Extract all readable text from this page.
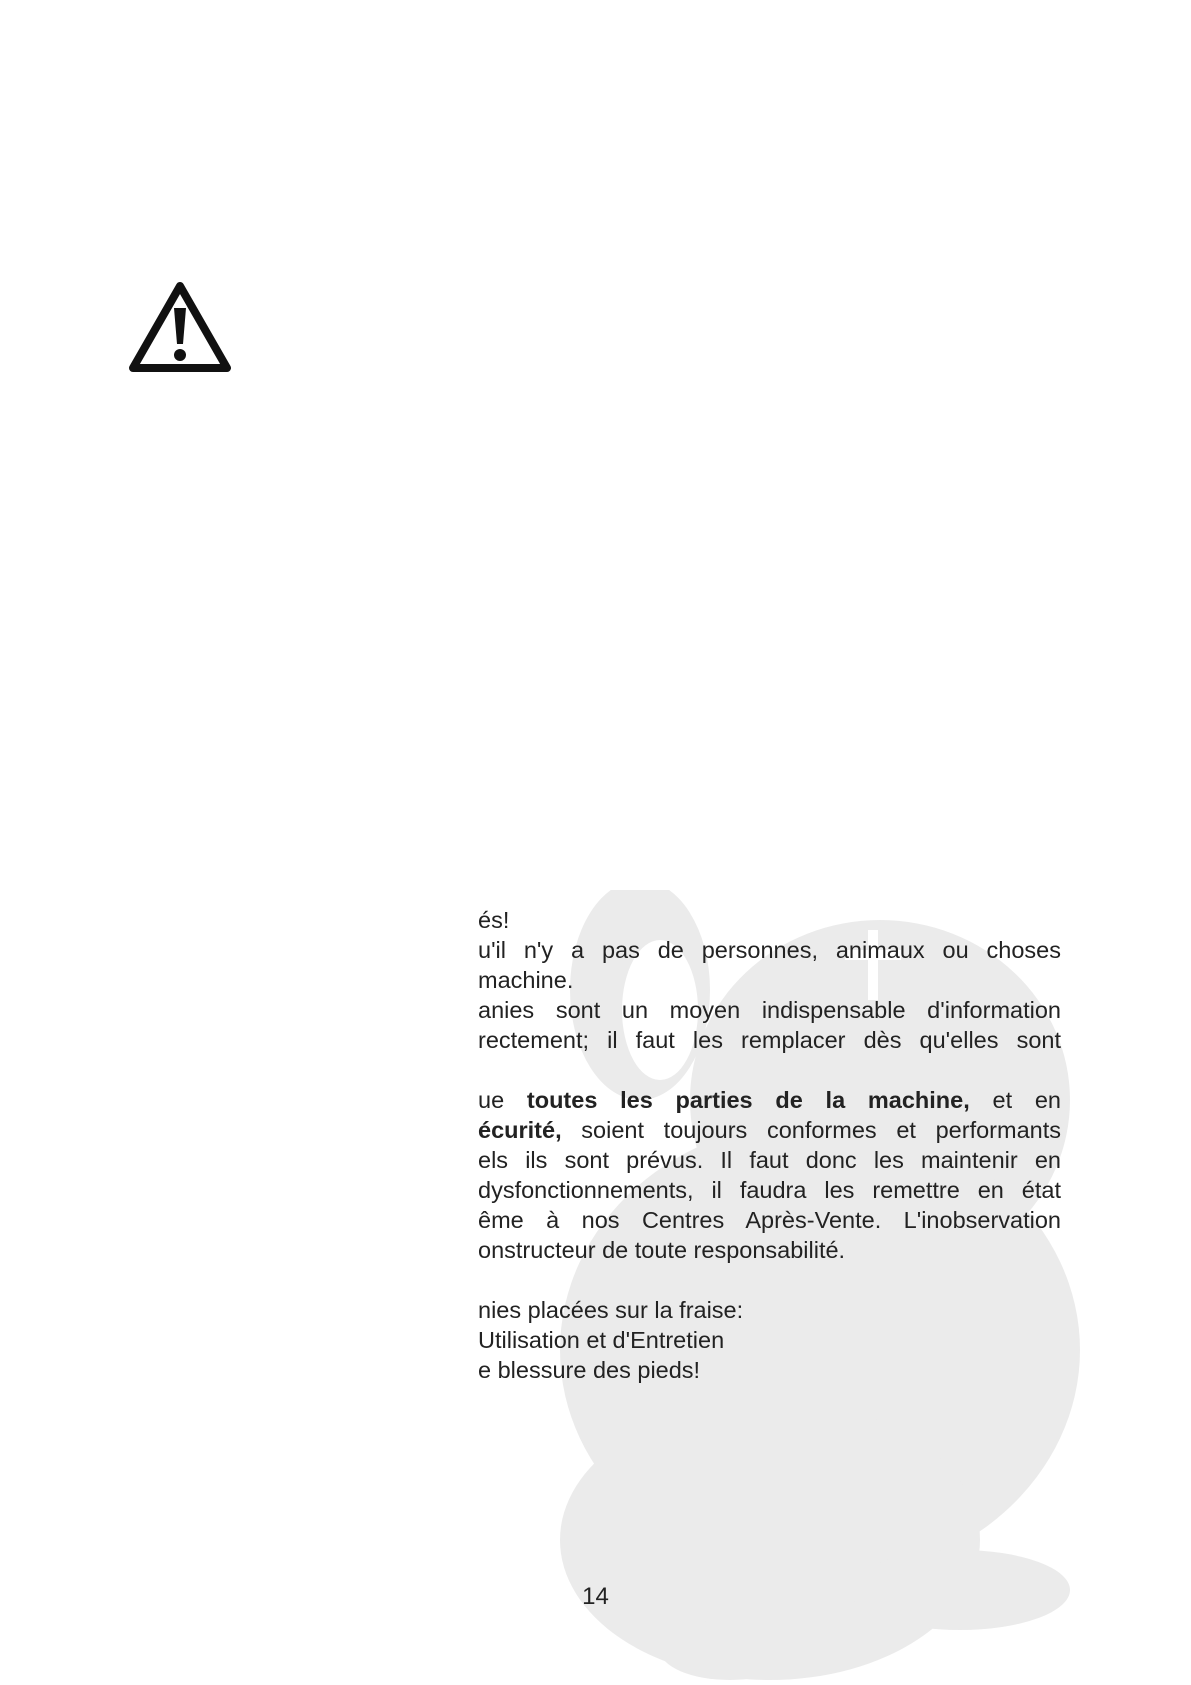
és!
u'il n'y a pas de personnes, animaux ou choses
machine.
anies sont un moyen indispensable d'information
rectement; il faut les remplacer dès qu'elles sont
ue toutes les parties de la machine, et en
écurité, soient toujours conformes et performants
els ils sont prévus. Il faut donc les maintenir en
dysfonctionnements, il faudra les remettre en état
ême à nos Centres Après-Vente. L'inobservation
onstructeur de toute responsabilité.
nies placées sur la fraise:
Utilisation et d'Entretien
e blessure des pieds!
14
